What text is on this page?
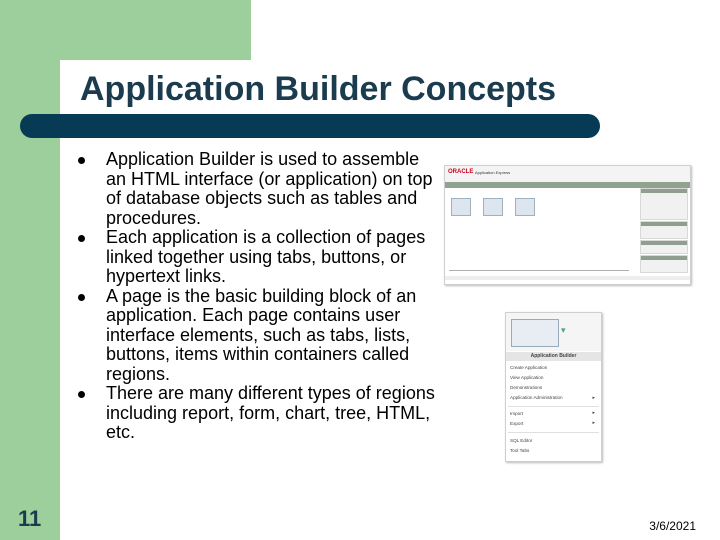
Application Builder Concepts
Application Builder is used to assemble an HTML interface (or application) on top of database objects such as tables and procedures.
Each application is a collection of pages linked together using tabs, buttons, or hypertext links.
A page is the basic building block of an application. Each page contains user interface elements, such as tabs, lists, buttons, items within containers called regions.
There are many different types of regions including report, form, chart, tree, HTML, etc.
ORACLE Application Express
▾
Application Builder
Create Application
View Application
Demonstrations
Application Administration	▸
Import	▸
Export	▸
SQL Editor
Tool Tabs
11	3/6/2021
